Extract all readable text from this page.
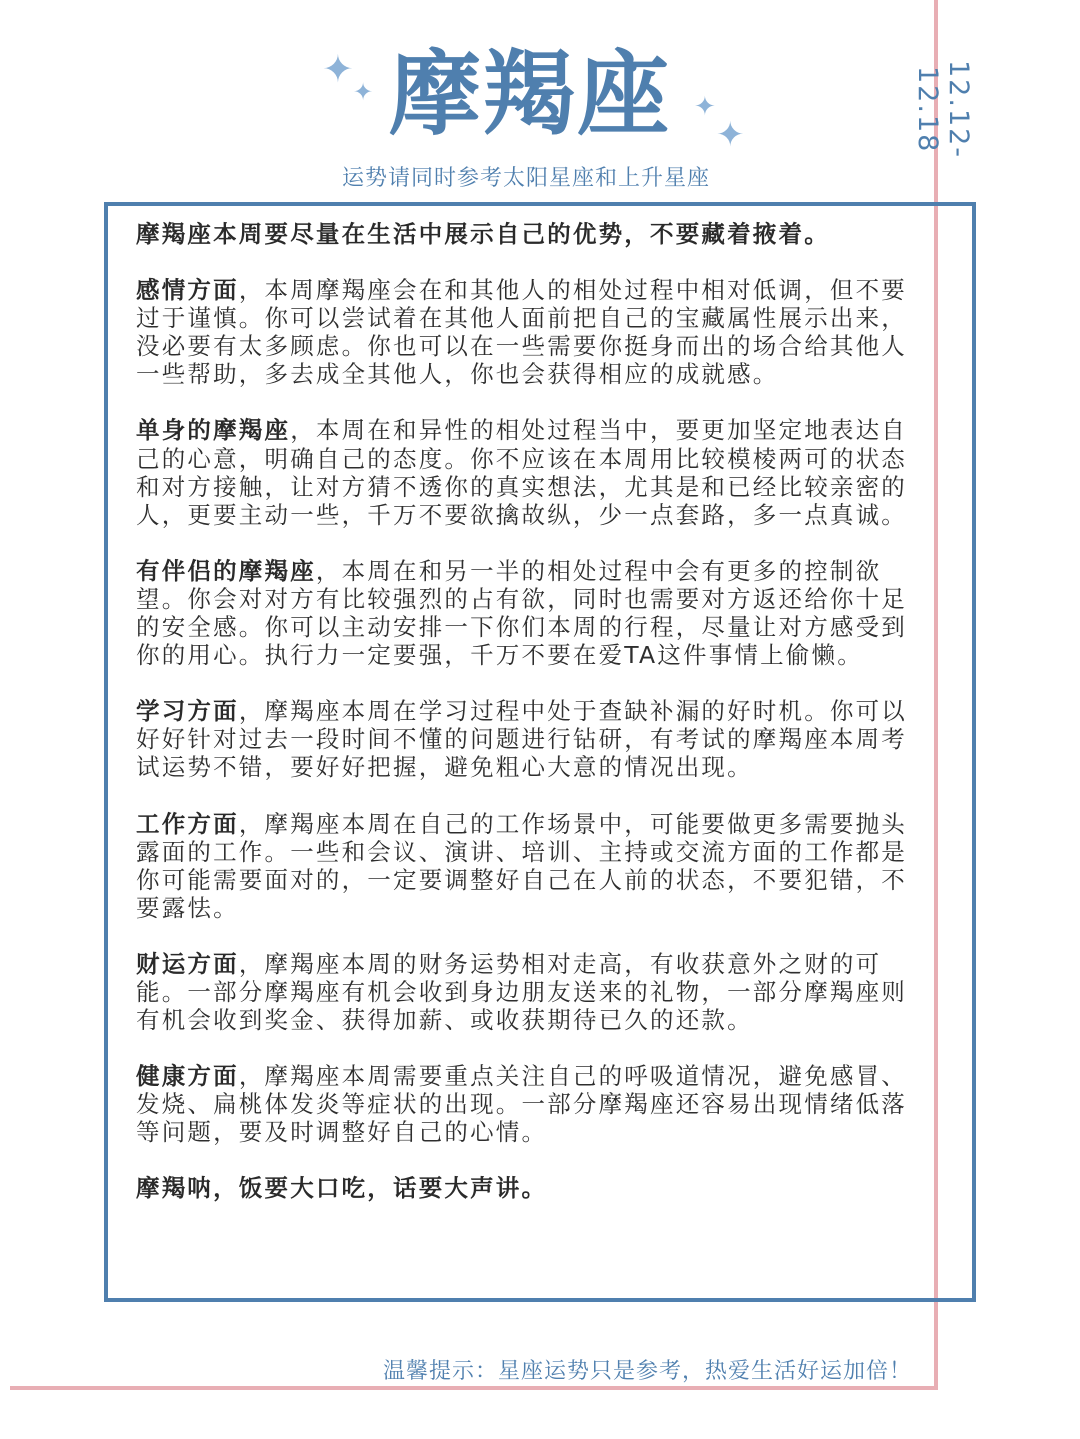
✦
✦	✦
✦
摩羯座
运势请同时参考太阳星座和上升星座
12.12-12.18

摩羯座本周要尽量在生活中展示自己的优势，不要藏着掖着。

感情方面，本周摩羯座会在和其他人的相处过程中相对低调，但不要过于谨慎。你可以尝试着在其他人面前把自己的宝藏属性展示出来，没必要有太多顾虑。你也可以在一些需要你挺身而出的场合给其他人一些帮助，多去成全其他人，你也会获得相应的成就感。

单身的摩羯座，本周在和异性的相处过程当中，要更加坚定地表达自己的心意，明确自己的态度。你不应该在本周用比较模棱两可的状态和对方接触，让对方猜不透你的真实想法，尤其是和已经比较亲密的人，更要主动一些，千万不要欲擒故纵，少一点套路，多一点真诚。

有伴侣的摩羯座，本周在和另一半的相处过程中会有更多的控制欲望。你会对对方有比较强烈的占有欲，同时也需要对方返还给你十足的安全感。你可以主动安排一下你们本周的行程，尽量让对方感受到你的用心。执行力一定要强，千万不要在爱TA这件事情上偷懒。

学习方面，摩羯座本周在学习过程中处于查缺补漏的好时机。你可以好好针对过去一段时间不懂的问题进行钻研，有考试的摩羯座本周考试运势不错，要好好把握，避免粗心大意的情况出现。

工作方面，摩羯座本周在自己的工作场景中，可能要做更多需要抛头露面的工作。一些和会议、演讲、培训、主持或交流方面的工作都是你可能需要面对的，一定要调整好自己在人前的状态，不要犯错，不要露怯。

财运方面，摩羯座本周的财务运势相对走高，有收获意外之财的可能。一部分摩羯座有机会收到身边朋友送来的礼物，一部分摩羯座则有机会收到奖金、获得加薪、或收获期待已久的还款。

健康方面，摩羯座本周需要重点关注自己的呼吸道情况，避免感冒、发烧、扁桃体发炎等症状的出现。一部分摩羯座还容易出现情绪低落等问题，要及时调整好自己的心情。

摩羯呐，饭要大口吃，话要大声讲。

温馨提示：星座运势只是参考，热爱生活好运加倍！
